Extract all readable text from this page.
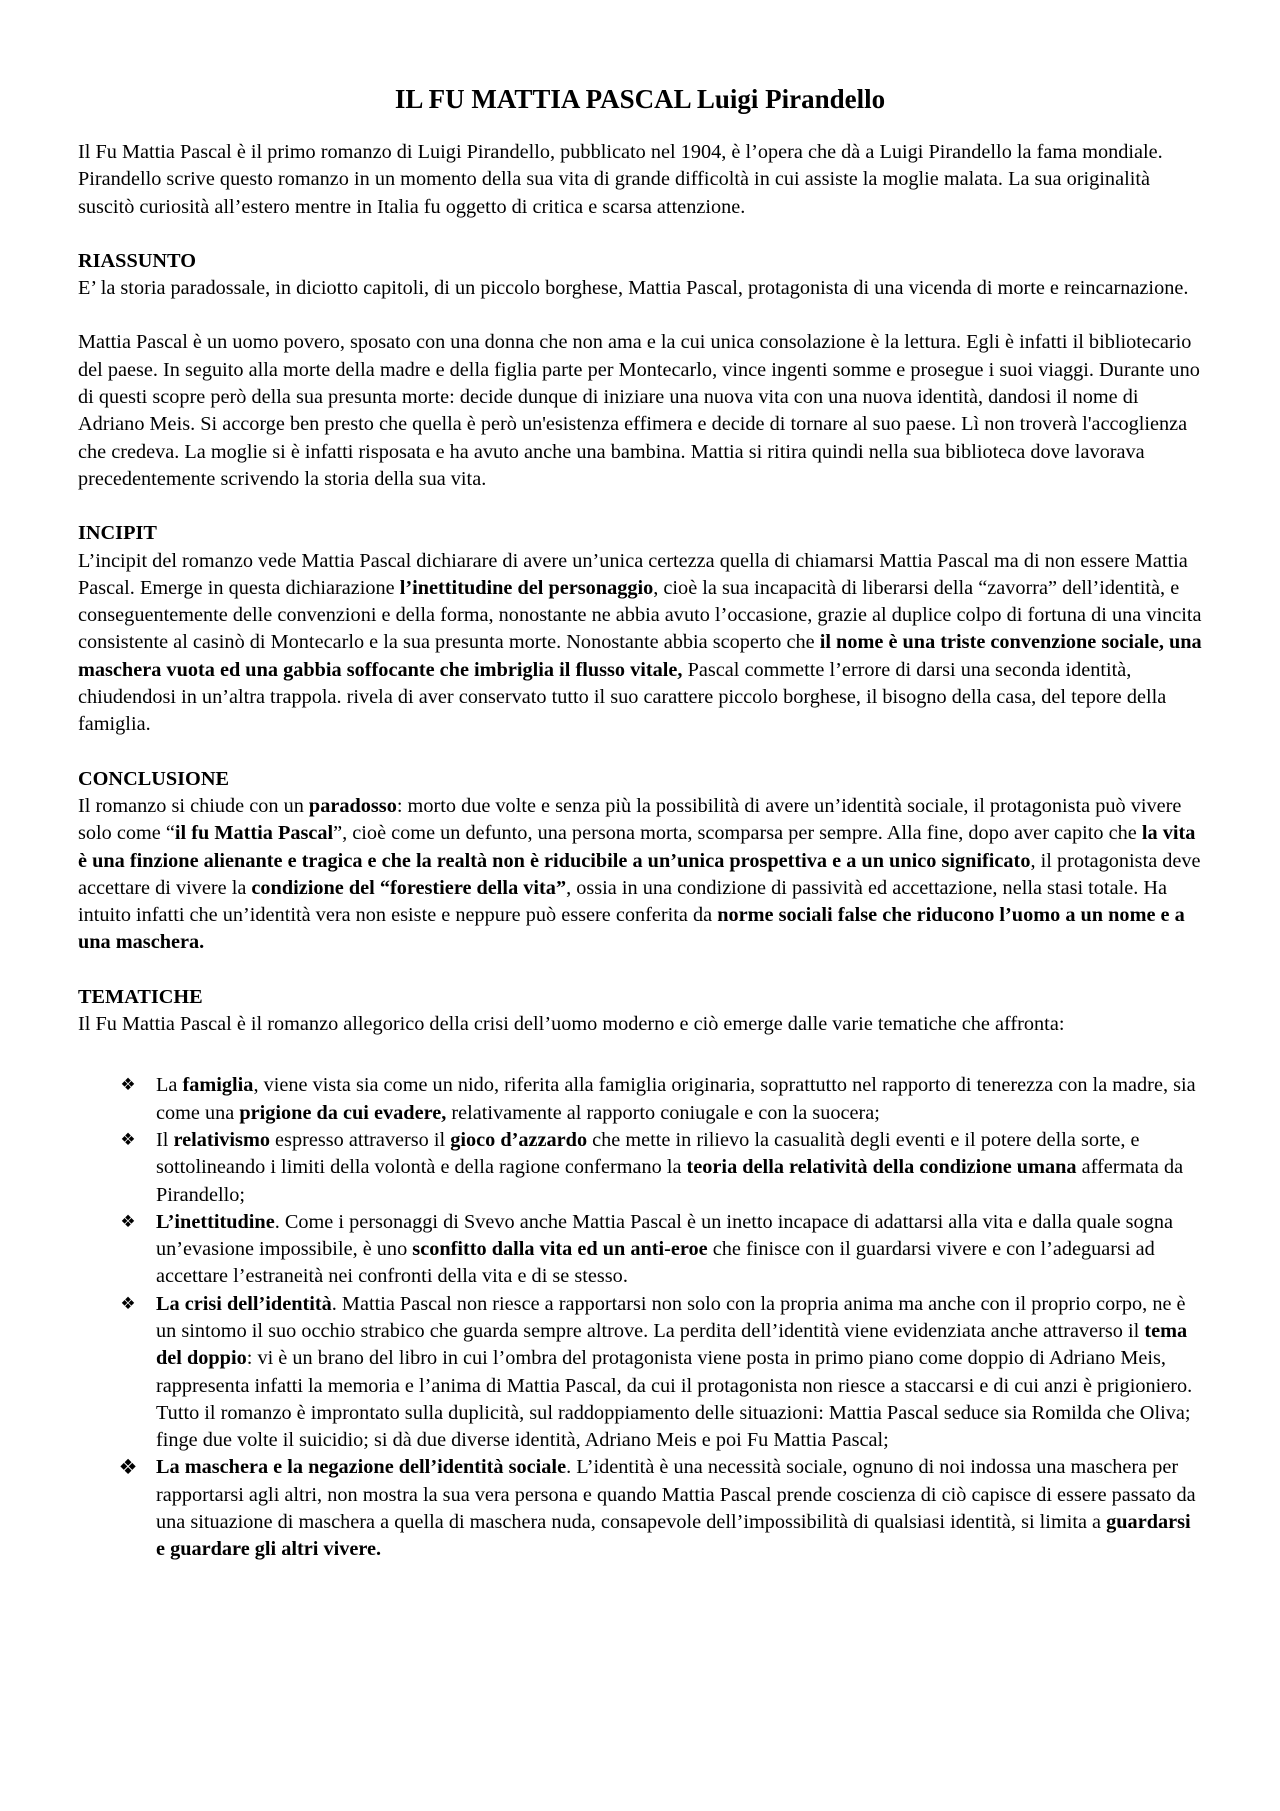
IL FU MATTIA PASCAL Luigi Pirandello

Il Fu Mattia Pascal è il primo romanzo di Luigi Pirandello, pubblicato nel 1904, è l’opera che dà a Luigi Pirandello la fama mondiale. Pirandello scrive questo romanzo in un momento della sua vita di grande difficoltà in cui assiste la moglie malata. La sua originalità suscitò curiosità all’estero mentre in Italia fu oggetto di critica e scarsa attenzione.

RIASSUNTO

E’ la storia paradossale, in diciotto capitoli, di un piccolo borghese, Mattia Pascal, protagonista di una vicenda di morte e reincarnazione.

Mattia Pascal è un uomo povero, sposato con una donna che non ama e la cui unica consolazione è la lettura. Egli è infatti il bibliotecario del paese. In seguito alla morte della madre e della figlia parte per Montecarlo, vince ingenti somme e prosegue i suoi viaggi. Durante uno di questi scopre però della sua presunta morte: decide dunque di iniziare una nuova vita con una nuova identità, dandosi il nome di Adriano Meis. Si accorge ben presto che quella è però un'esistenza effimera e decide di tornare al suo paese. Lì non troverà l'accoglienza che credeva. La moglie si è infatti risposata e ha avuto anche una bambina. Mattia si ritira quindi nella sua biblioteca dove lavorava precedentemente scrivendo la storia della sua vita.

INCIPIT

L’incipit del romanzo vede Mattia Pascal dichiarare di avere un’unica certezza quella di chiamarsi Mattia Pascal ma di non essere Mattia Pascal. Emerge in questa dichiarazione l’inettitudine del personaggio, cioè la sua incapacità di liberarsi della “zavorra” dell’identità, e conseguentemente delle convenzioni e della forma, nonostante ne abbia avuto l’occasione, grazie al duplice colpo di fortuna di una vincita consistente al casinò di Montecarlo e la sua presunta morte. Nonostante abbia scoperto che il nome è una triste convenzione sociale, una maschera vuota ed una gabbia soffocante che imbriglia il flusso vitale, Pascal commette l’errore di darsi una seconda identità, chiudendosi in un’altra trappola. rivela di aver conservato tutto il suo carattere piccolo borghese, il bisogno della casa, del tepore della famiglia.

CONCLUSIONE

Il romanzo si chiude con un paradosso: morto due volte e senza più la possibilità di avere un’identità sociale, il protagonista può vivere solo come “il fu Mattia Pascal”, cioè come un defunto, una persona morta, scomparsa per sempre. Alla fine, dopo aver capito che la vita è una finzione alienante e tragica e che la realtà non è riducibile a un’unica prospettiva e a un unico significato, il protagonista deve accettare di vivere la condizione del “forestiere della vita”, ossia in una condizione di passività ed accettazione, nella stasi totale. Ha intuito infatti che un’identità vera non esiste e neppure può essere conferita da norme sociali false che riducono l’uomo a un nome e a una maschera.

TEMATICHE

Il Fu Mattia Pascal è il romanzo allegorico della crisi dell’uomo moderno e ciò emerge dalle varie tematiche che affronta:

❖ La famiglia, viene vista sia come un nido, riferita alla famiglia originaria, soprattutto nel rapporto di tenerezza con la madre, sia come una prigione da cui evadere, relativamente al rapporto coniugale e con la suocera;
❖ Il relativismo espresso attraverso il gioco d’azzardo che mette in rilievo la casualità degli eventi e il potere della sorte, e sottolineando i limiti della volontà e della ragione confermano la teoria della relatività della condizione umana affermata da Pirandello;
❖ L’inettitudine. Come i personaggi di Svevo anche Mattia Pascal è un inetto incapace di adattarsi alla vita e dalla quale sogna un’evasione impossibile, è uno sconfitto dalla vita ed un anti-eroe che finisce con il guardarsi vivere e con l’adeguarsi ad accettare l’estraneità nei confronti della vita e di se stesso.
❖ La crisi dell’identità. Mattia Pascal non riesce a rapportarsi non solo con la propria anima ma anche con il proprio corpo, ne è un sintomo il suo occhio strabico che guarda sempre altrove. La perdita dell’identità viene evidenziata anche attraverso il tema del doppio: vi è un brano del libro in cui l’ombra del protagonista viene posta in primo piano come doppio di Adriano Meis, rappresenta infatti la memoria e l’anima di Mattia Pascal, da cui il protagonista non riesce a staccarsi e di cui anzi è prigioniero.
Tutto il romanzo è improntato sulla duplicità, sul raddoppiamento delle situazioni: Mattia Pascal seduce sia Romilda che Oliva; finge due volte il suicidio; si dà due diverse identità, Adriano Meis e poi Fu Mattia Pascal;
❖ La maschera e la negazione dell’identità sociale. L’identità è una necessità sociale, ognuno di noi indossa una maschera per rapportarsi agli altri, non mostra la sua vera persona e quando Mattia Pascal prende coscienza di ciò capisce di essere passato da una situazione di maschera a quella di maschera nuda, consapevole dell’impossibilità di qualsiasi identità, si limita a guardarsi e guardare gli altri vivere.
